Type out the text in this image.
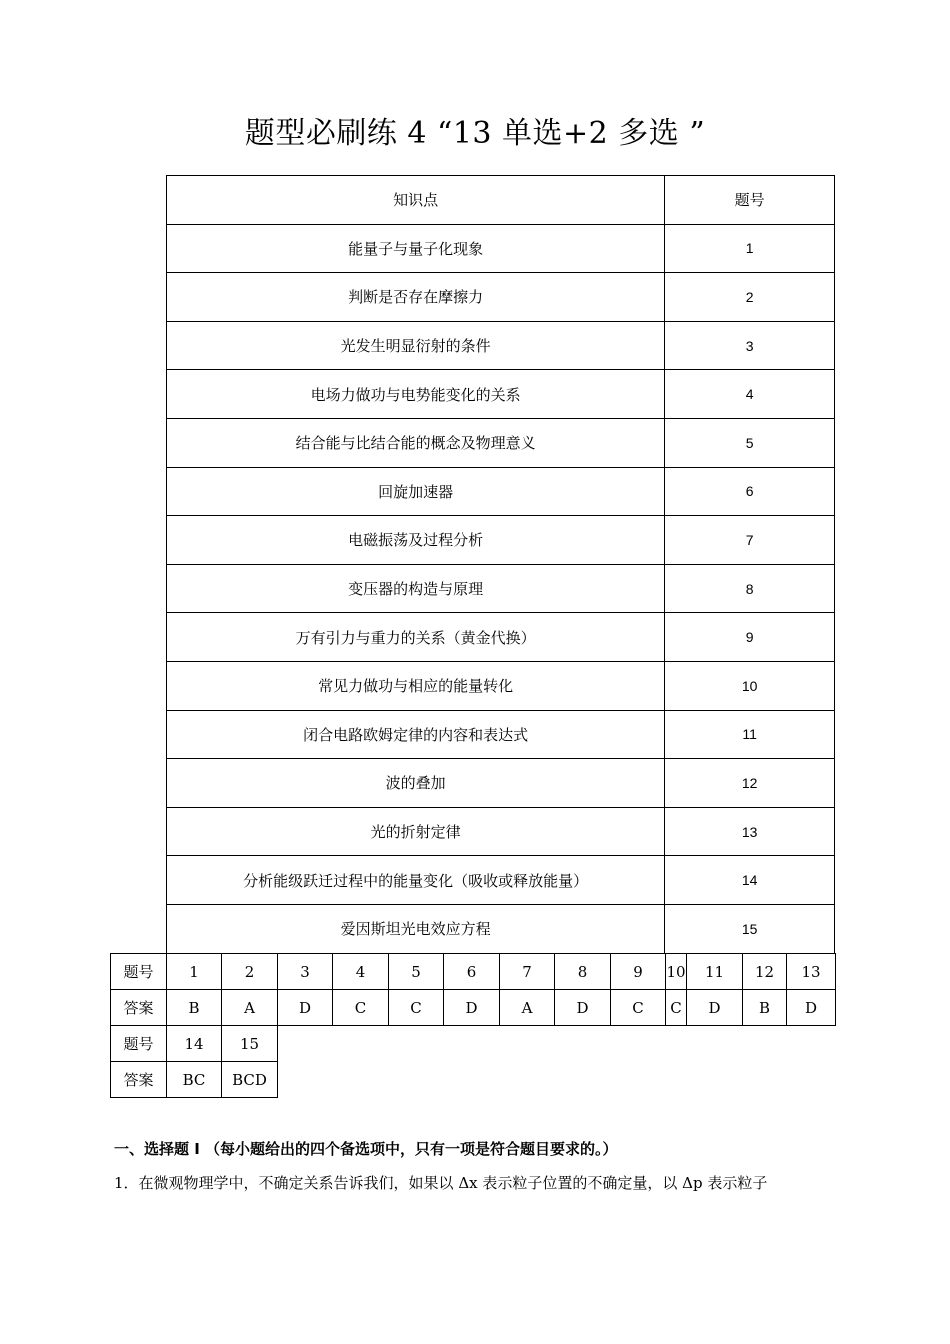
题型必刷练 4 “13 单选+2 多选 ”
知识点	题号
能量子与量子化现象	1
判断是否存在摩擦力	2
光发生明显衍射的条件	3
电场力做功与电势能变化的关系	4
结合能与比结合能的概念及物理意义	5
回旋加速器	6
电磁振荡及过程分析	7
变压器的构造与原理	8
万有引力与重力的关系（黄金代换）	9
常见力做功与相应的能量转化	10
闭合电路欧姆定律的内容和表达式	11
波的叠加	12
光的折射定律	13
分析能级跃迁过程中的能量变化（吸收或释放能量）	14
爱因斯坦光电效应方程	15
题号	1	2	3	4	5	6	7	8	9	10	11	12	13
答案	B	A	D	C	C	D	A	D	C	C	D	B	D
题号	14	15											
答案	BC	BCD											
一、选择题 I （每小题给出的四个备选项中，只有一项是符合题目要求的。）
1．在微观物理学中，不确定关系告诉我们，如果以 Δx 表示粒子位置的不确定量，以 Δp 表示粒子
